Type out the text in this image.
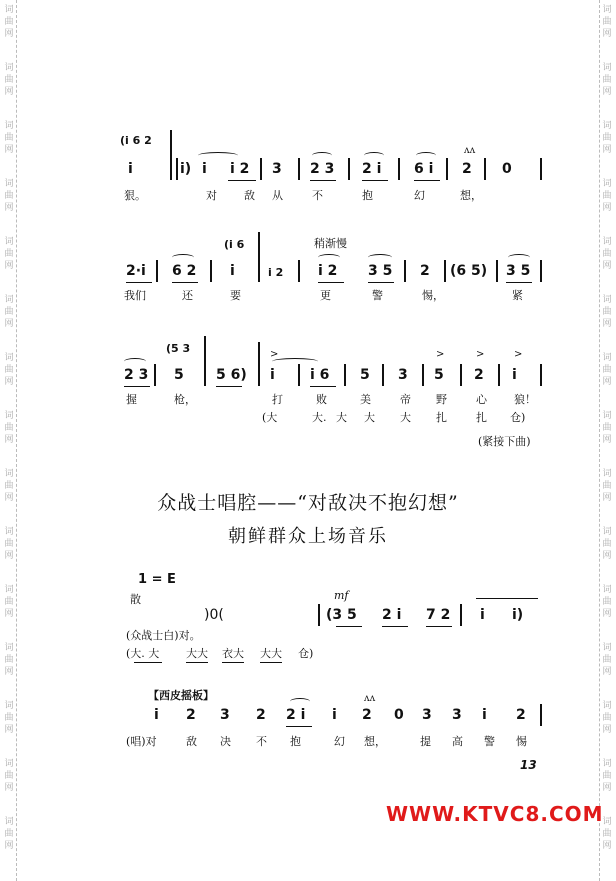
词
曲
网
词
曲
网
词
曲
网
词
曲
网
词
曲
网
词
曲
网
词
曲
网
词
曲
网
词
曲
网
词
曲
网
词
曲
网
词
曲
网
词
曲
网
词
曲
网
词
曲
网
词
曲
网
词
曲
网
词
曲
网
词
曲
网
词
曲
网
词
曲
网
词
曲
网
词
曲
网
词
曲
网
词
曲
网
词
曲
网
词
曲
网
词
曲
网
词
曲
网
词
曲
网
(i 6 2
i	i) i i 2 3 2 3 2 i 6 i
ʌʌ
2 0
狠。	对 敌 从	不	抱	幻	想，
(i 6	稍渐慢
2·i 6 2 i	i 2 i 2 3 5 2 (6 5) 3 5
我们	还	要	更	警	惕，	紧
(5 3
2 3 5 5 6)
>
i	i 6 5 3
>
5
>
2
>
i
握	枪，	打	败	美	帝 野	心 狼！
(大	大. 大 大 大 扎	扎 仓)
(紧接下曲)
众战士唱腔——“对敌决不抱幻想”
朝鲜群众上场音乐
1 = E
散	mf
)0(	(3 5 2 i 7 2 i i)
(众战士白)对。
(大. 大 大大 衣大 大大 仓)
【西皮摇板】
i 2 3 2 2 i i
ʌʌ
2 0 3 3 i 2
(唱)对	敌 决 不 抱	幻 想，	提 高 警 惕
13
WWW.KTVC8.COM
